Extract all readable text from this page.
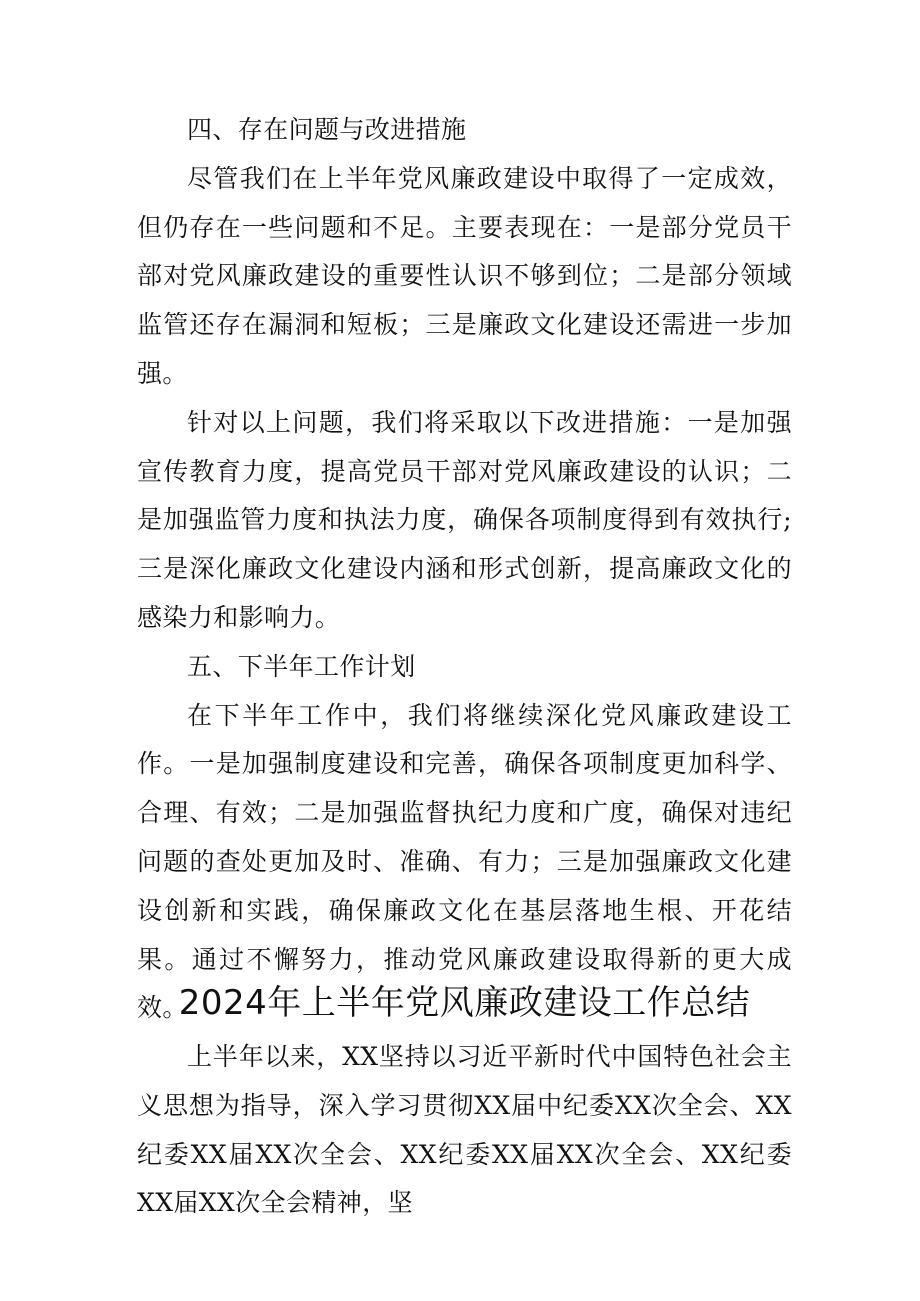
四、存在问题与改进措施

尽管我们在上半年党风廉政建设中取得了一定成效，但仍存在一些问题和不足。主要表现在：一是部分党员干部对党风廉政建设的重要性认识不够到位；二是部分领域监管还存在漏洞和短板；三是廉政文化建设还需进一步加强。

针对以上问题，我们将采取以下改进措施：一是加强宣传教育力度，提高党员干部对党风廉政建设的认识；二是加强监管力度和执法力度，确保各项制度得到有效执行;三是深化廉政文化建设内涵和形式创新，提高廉政文化的感染力和影响力。

五、下半年工作计划

在下半年工作中，我们将继续深化党风廉政建设工作。一是加强制度建设和完善，确保各项制度更加科学、合理、有效；二是加强监督执纪力度和广度，确保对违纪问题的查处更加及时、准确、有力；三是加强廉政文化建设创新和实践，确保廉政文化在基层落地生根、开花结果。通过不懈努力，推动党风廉政建设取得新的更大成效。

2024年上半年党风廉政建设工作总结

上半年以来，XX坚持以习近平新时代中国特色社会主义思想为指导，深入学习贯彻XX届中纪委XX次全会、XX纪委XX届XX次全会、XX纪委XX届XX次全会、XX纪委XX届XX次全会精神，坚
